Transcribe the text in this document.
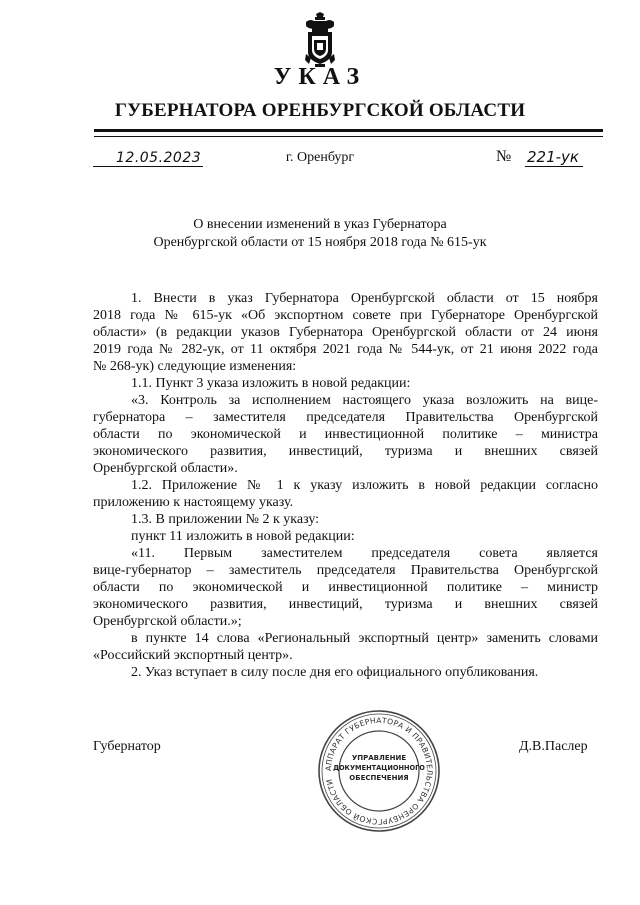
УКАЗ
ГУБЕРНАТОРА ОРЕНБУРГСКОЙ ОБЛАСТИ
12.05.2023	г. Оренбург	№ 221-ук
О внесении изменений в указ Губернатора
Оренбургской области от 15 ноября 2018 года № 615-ук
1. Внести в указ Губернатора Оренбургской области от 15 ноября
2018 года № 615-ук «Об экспортном совете при Губернаторе Оренбургской
области» (в редакции указов Губернатора Оренбургской области от 24 июня
2019 года № 282-ук, от 11 октября 2021 года № 544-ук, от 21 июня 2022 года
№ 268-ук) следующие изменения:
1.1. Пункт 3 указа изложить в новой редакции:
«3. Контроль за исполнением настоящего указа возложить на вице-
губернатора – заместителя председателя Правительства Оренбургской
области по экономической и инвестиционной политике – министра
экономического развития, инвестиций, туризма и внешних связей
Оренбургской области».
1.2. Приложение № 1 к указу изложить в новой редакции согласно
приложению к настоящему указу.
1.3. В приложении № 2 к указу:
пункт 11 изложить в новой редакции:
«11. Первым заместителем председателя совета является
вице-губернатор – заместитель председателя Правительства Оренбургской
области по экономической и инвестиционной политике – министр
экономического развития, инвестиций, туризма и внешних связей
Оренбургской области.»;
в пункте 14 слова «Региональный экспортный центр» заменить словами
«Российский экспортный центр».
2. Указ вступает в силу после дня его официального опубликования.
Губернатор	Д.В.Паслер
АППАРАТ ГУБЕРНАТОРА И ПРАВИТЕЛЬСТВА ОРЕНБУРГСКОЙ ОБЛАСТИ
УПРАВЛЕНИЕ
ДОКУМЕНТАЦИОННОГО
ОБЕСПЕЧЕНИЯ
